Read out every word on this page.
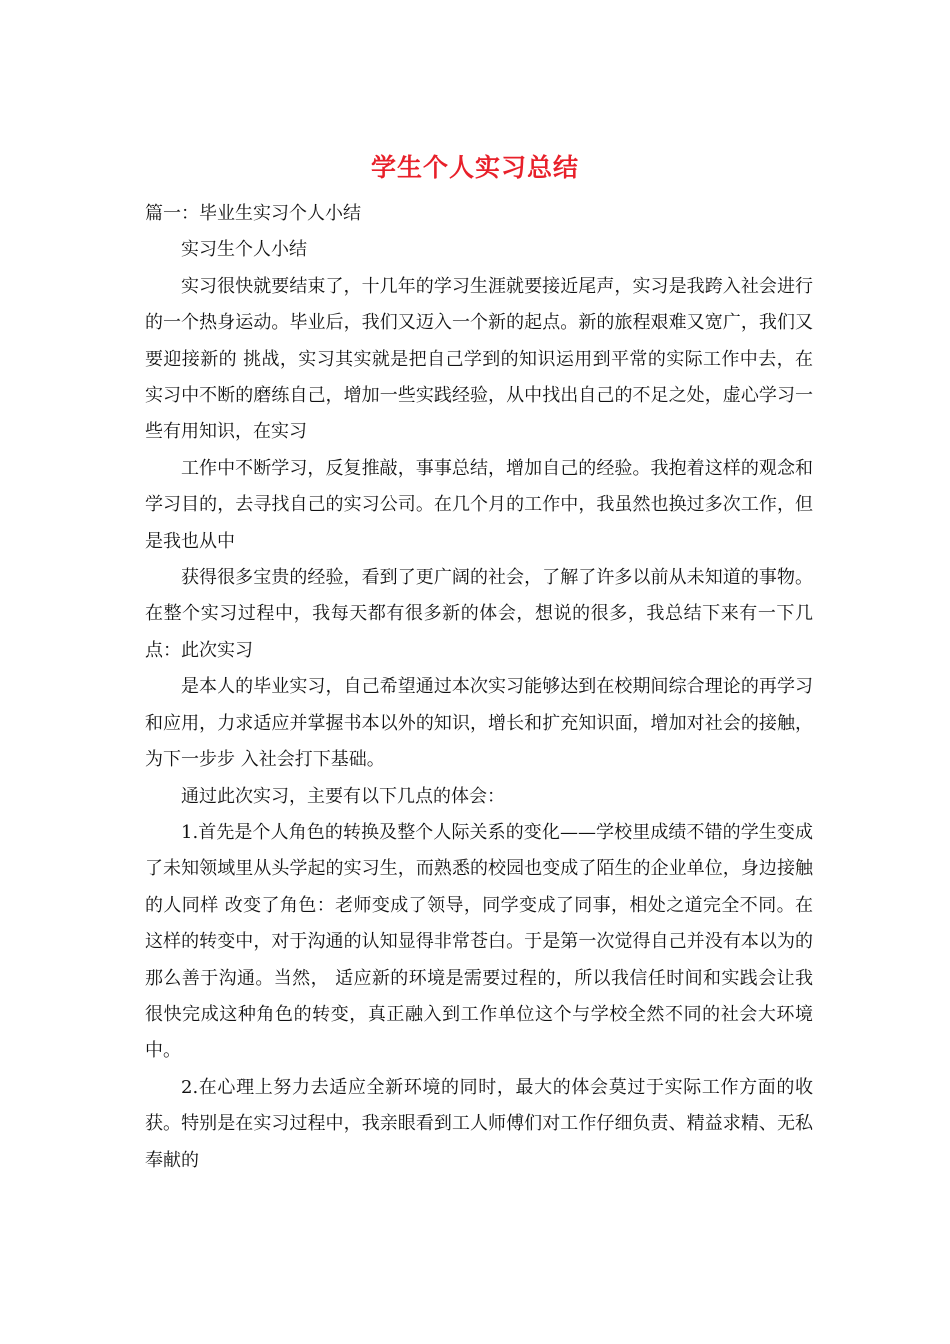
学生个人实习总结

篇一：毕业生实习个人小结

实习生个人小结

实习很快就要结束了，十几年的学习生涯就要接近尾声，实习是我跨入社会进行的一个热身运动。毕业后，我们又迈入一个新的起点。新的旅程艰难又宽广，我们又要迎接新的 挑战，实习其实就是把自己学到的知识运用到平常的实际工作中去，在实习中不断的磨练自己，增加一些实践经验，从中找出自己的不足之处，虚心学习一些有用知识，在实习

工作中不断学习，反复推敲，事事总结，增加自己的经验。我抱着这样的观念和学习目的，去寻找自己的实习公司。在几个月的工作中，我虽然也换过多次工作，但是我也从中

获得很多宝贵的经验，看到了更广阔的社会，了解了许多以前从未知道的事物。在整个实习过程中，我每天都有很多新的体会，想说的很多，我总结下来有一下几点：此次实习

是本人的毕业实习，自己希望通过本次实习能够达到在校期间综合理论的再学习和应用，力求适应并掌握书本以外的知识，增长和扩充知识面，增加对社会的接触，为下一步步 入社会打下基础。

通过此次实习，主要有以下几点的体会：

1.首先是个人角色的转换及整个人际关系的变化——学校里成绩不错的学生变成了未知领域里从头学起的实习生，而熟悉的校园也变成了陌生的企业单位，身边接触的人同样 改变了角色：老师变成了领导，同学变成了同事，相处之道完全不同。在这样的转变中，对于沟通的认知显得非常苍白。于是第一次觉得自己并没有本以为的那么善于沟通。当然， 适应新的环境是需要过程的，所以我信任时间和实践会让我很快完成这种角色的转变，真正融入到工作单位这个与学校全然不同的社会大环境中。

2.在心理上努力去适应全新环境的同时，最大的体会莫过于实际工作方面的收获。特别是在实习过程中，我亲眼看到工人师傅们对工作仔细负责、精益求精、无私奉献的
